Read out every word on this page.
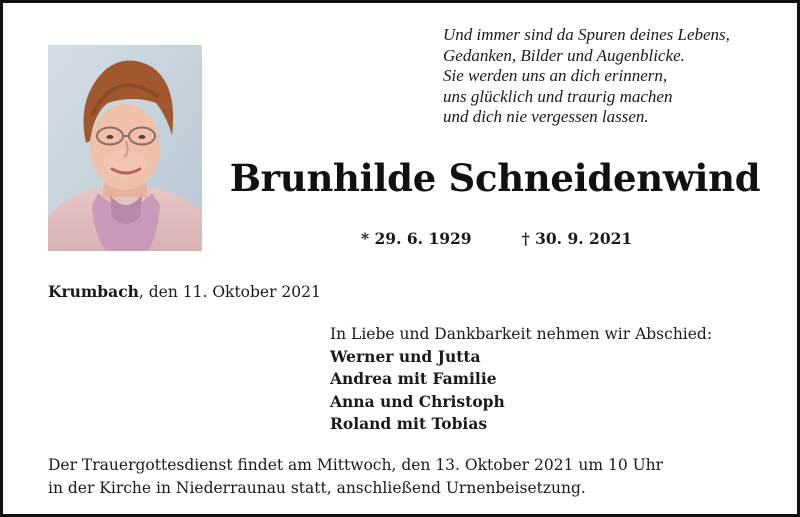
Und immer sind da Spuren deines Lebens,
Gedanken, Bilder und Augenblicke.
Sie werden uns an dich erinnern,
uns glücklich und traurig machen
und dich nie vergessen lassen.
Brunhilde Schneidenwind
* 29. 6. 1929	† 30. 9. 2021
Krumbach, den 11. Oktober 2021
In Liebe und Dankbarkeit nehmen wir Abschied:
Werner und Jutta
Andrea mit Familie
Anna und Christoph
Roland mit Tobias
Der Trauergottesdienst findet am Mittwoch, den 13. Oktober 2021 um 10 Uhr
in der Kirche in Niederraunau statt, anschließend Urnenbeisetzung.
